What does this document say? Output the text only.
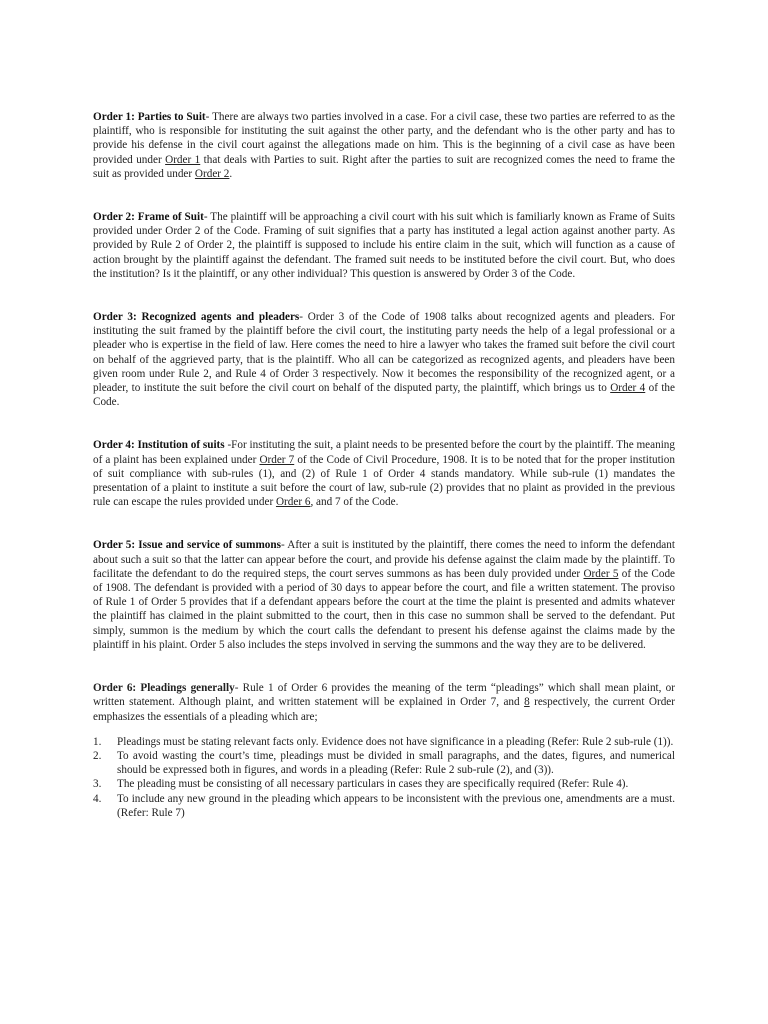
Order 1: Parties to Suit- There are always two parties involved in a case. For a civil case, these two parties are referred to as the plaintiff, who is responsible for instituting the suit against the other party, and the defendant who is the other party and has to provide his defense in the civil court against the allegations made on him. This is the beginning of a civil case as have been provided under Order 1 that deals with Parties to suit. Right after the parties to suit are recognized comes the need to frame the suit as provided under Order 2.

Order 2: Frame of Suit- The plaintiff will be approaching a civil court with his suit which is familiarly known as Frame of Suits provided under Order 2 of the Code. Framing of suit signifies that a party has instituted a legal action against another party. As provided by Rule 2 of Order 2, the plaintiff is supposed to include his entire claim in the suit, which will function as a cause of action brought by the plaintiff against the defendant. The framed suit needs to be instituted before the civil court. But, who does the institution? Is it the plaintiff, or any other individual? This question is answered by Order 3 of the Code.

Order 3: Recognized agents and pleaders- Order 3 of the Code of 1908 talks about recognized agents and pleaders. For instituting the suit framed by the plaintiff before the civil court, the instituting party needs the help of a legal professional or a pleader who is expertise in the field of law. Here comes the need to hire a lawyer who takes the framed suit before the civil court on behalf of the aggrieved party, that is the plaintiff. Who all can be categorized as recognized agents, and pleaders have been given room under Rule 2, and Rule 4 of Order 3 respectively. Now it becomes the responsibility of the recognized agent, or a pleader, to institute the suit before the civil court on behalf of the disputed party, the plaintiff, which brings us to Order 4 of the Code.

Order 4: Institution of suits -For instituting the suit, a plaint needs to be presented before the court by the plaintiff. The meaning of a plaint has been explained under Order 7 of the Code of Civil Procedure, 1908. It is to be noted that for the proper institution of suit compliance with sub-rules (1), and (2) of Rule 1 of Order 4 stands mandatory. While sub-rule (1) mandates the presentation of a plaint to institute a suit before the court of law, sub-rule (2) provides that no plaint as provided in the previous rule can escape the rules provided under Order 6, and 7 of the Code.

Order 5: Issue and service of summons- After a suit is instituted by the plaintiff, there comes the need to inform the defendant about such a suit so that the latter can appear before the court, and provide his defense against the claim made by the plaintiff. To facilitate the defendant to do the required steps, the court serves summons as has been duly provided under Order 5 of the Code of 1908. The defendant is provided with a period of 30 days to appear before the court, and file a written statement. The proviso of Rule 1 of Order 5 provides that if a defendant appears before the court at the time the plaint is presented and admits whatever the plaintiff has claimed in the plaint submitted to the court, then in this case no summon shall be served to the defendant. Put simply, summon is the medium by which the court calls the defendant to present his defense against the claims made by the plaintiff in his plaint. Order 5 also includes the steps involved in serving the summons and the way they are to be delivered.

Order 6: Pleadings generally- Rule 1 of Order 6 provides the meaning of the term “pleadings” which shall mean plaint, or written statement. Although plaint, and written statement will be explained in Order 7, and 8 respectively, the current Order emphasizes the essentials of a pleading which are;

1. Pleadings must be stating relevant facts only. Evidence does not have significance in a pleading (Refer: Rule 2 sub-rule (1)).
2. To avoid wasting the court’s time, pleadings must be divided in small paragraphs, and the dates, figures, and numerical should be expressed both in figures, and words in a pleading (Refer: Rule 2 sub-rule (2), and (3)).
3. The pleading must be consisting of all necessary particulars in cases they are specifically required (Refer: Rule 4).
4. To include any new ground in the pleading which appears to be inconsistent with the previous one, amendments are a must. (Refer: Rule 7)
